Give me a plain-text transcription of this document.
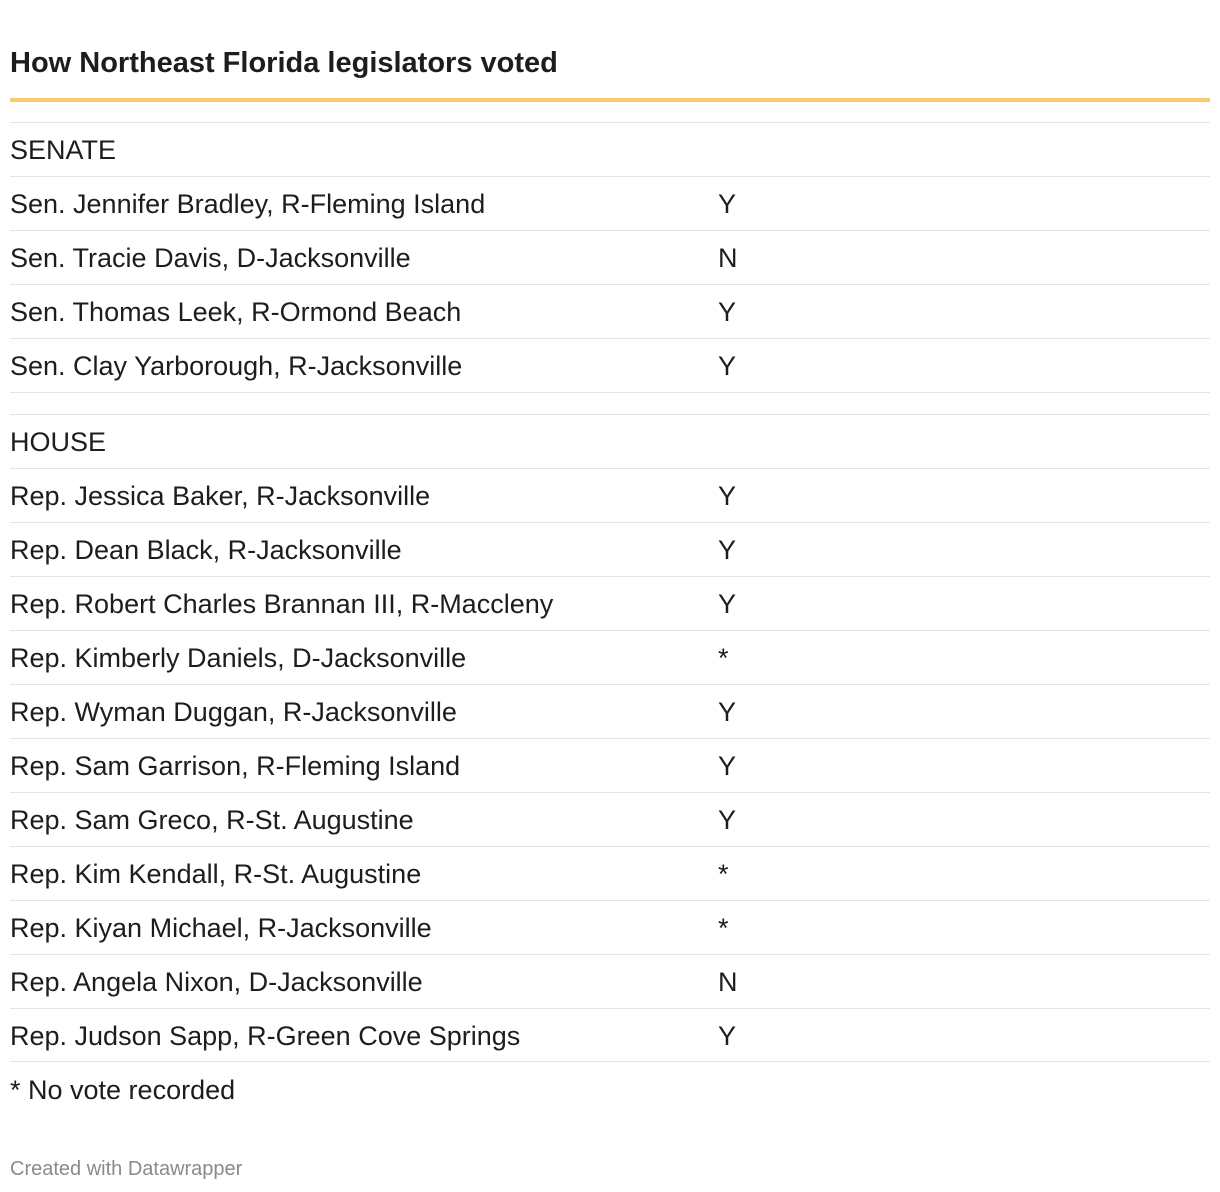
How Northeast Florida legislators voted
SENATE
Sen. Jennifer Bradley, R-Fleming Island	Y
Sen. Tracie Davis, D-Jacksonville	N
Sen. Thomas Leek, R-Ormond Beach	Y
Sen. Clay Yarborough, R-Jacksonville	Y
HOUSE
Rep. Jessica Baker, R-Jacksonville	Y
Rep. Dean Black, R-Jacksonville	Y
Rep. Robert Charles Brannan III, R-Maccleny	Y
Rep. Kimberly Daniels, D-Jacksonville	*
Rep. Wyman Duggan, R-Jacksonville	Y
Rep. Sam Garrison, R-Fleming Island	Y
Rep. Sam Greco, R-St. Augustine	Y
Rep. Kim Kendall, R-St. Augustine	*
Rep. Kiyan Michael, R-Jacksonville	*
Rep. Angela Nixon, D-Jacksonville	N
Rep. Judson Sapp, R-Green Cove Springs	Y
* No vote recorded
Created with Datawrapper
